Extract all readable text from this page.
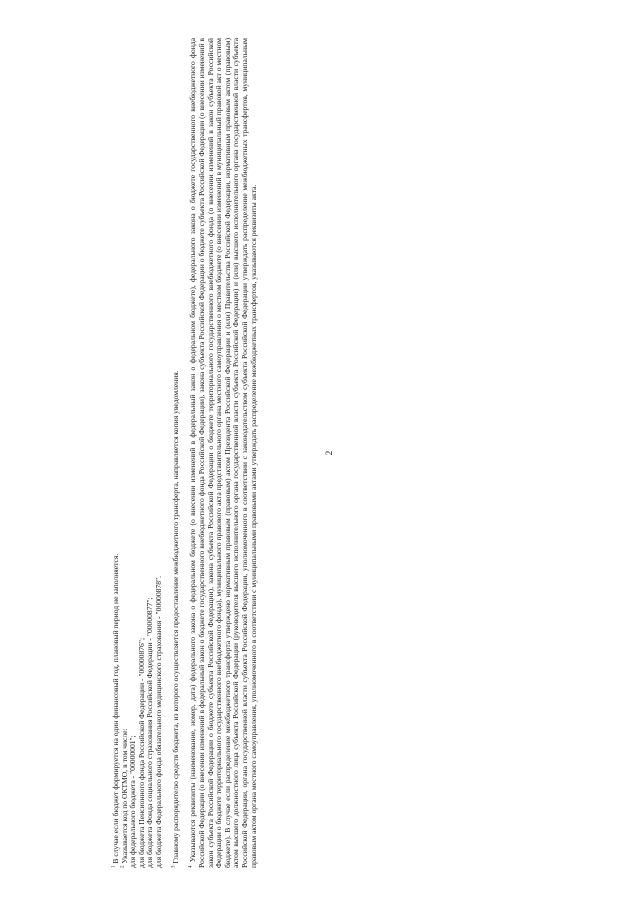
2

$^1$ В случае если бюджет формируется на один финансовый год, плановый период не заполняется.

$^2$ Указывается код по ОКТМО, в том числе: для федерального бюджета - "00000001"; для бюджета Пенсионного фонда Российской Федерации - "00000876"; для бюджета Фонда социального страхования Российской Федерации - "00000877"; для бюджета Федерального фонда обязательного медицинского страхования - "00000878". $^3$ Главному распорядителю средств бюджета, из которого осуществляется предоставление межбюджетного трансферта, направляется копия уведомления.

$^4$ Указываются реквизиты (наименование, номер, дата) федерального закона о федеральном бюджете (о внесении изменений в федеральный закон о федеральном бюджете), федерального закона о бюджете государственного внебюджетного фонда Российской Федерации (о внесении изменений в федеральный закон о бюджете государственного внебюджетного фонда Российской Федерации), закона субъекта Российской Федерации о бюджете субъекта Российской Федерации (о внесении изменений в закон субъекта Российской Федерации о бюджете субъекта Российской Федерации), закона субъекта Российской Федерации о бюджете территориального государственного внебюджетного фонда (о внесении изменений в закон субъекта Российской Федерации о бюджете территориального государственного внебюджетного фонда), муниципального правового акта представительного органа местного самоуправления о местном бюджете (о внесении изменений в муниципальный правовой акт о местном бюджете). В случае если распределение межбюджетного трансферта утверждено нормативным правовым (правовым) актом Президента Российской Федерации и (или) Правительства Российской Федерации, нормативным правовым актом (правовым) актом высшего должностного лица субъекта Российской Федерации (руководителя высшего исполнительного органа государственной власти субъекта Российской Федерации) и (или) высшего исполнительного органа государственной власти субъекта Российской Федерации, органа государственной власти субъекта Российской Федерации, уполномоченного в соответствии с законодательством субъекта Российской Федерации утверждать распределение межбюджетных трансфертов, муниципальным правовым актом органа местного самоуправления, уполномоченного в соответствии с муниципальными правовыми актами утверждать распределение межбюджетных трансфертов, указываются реквизиты акта.
